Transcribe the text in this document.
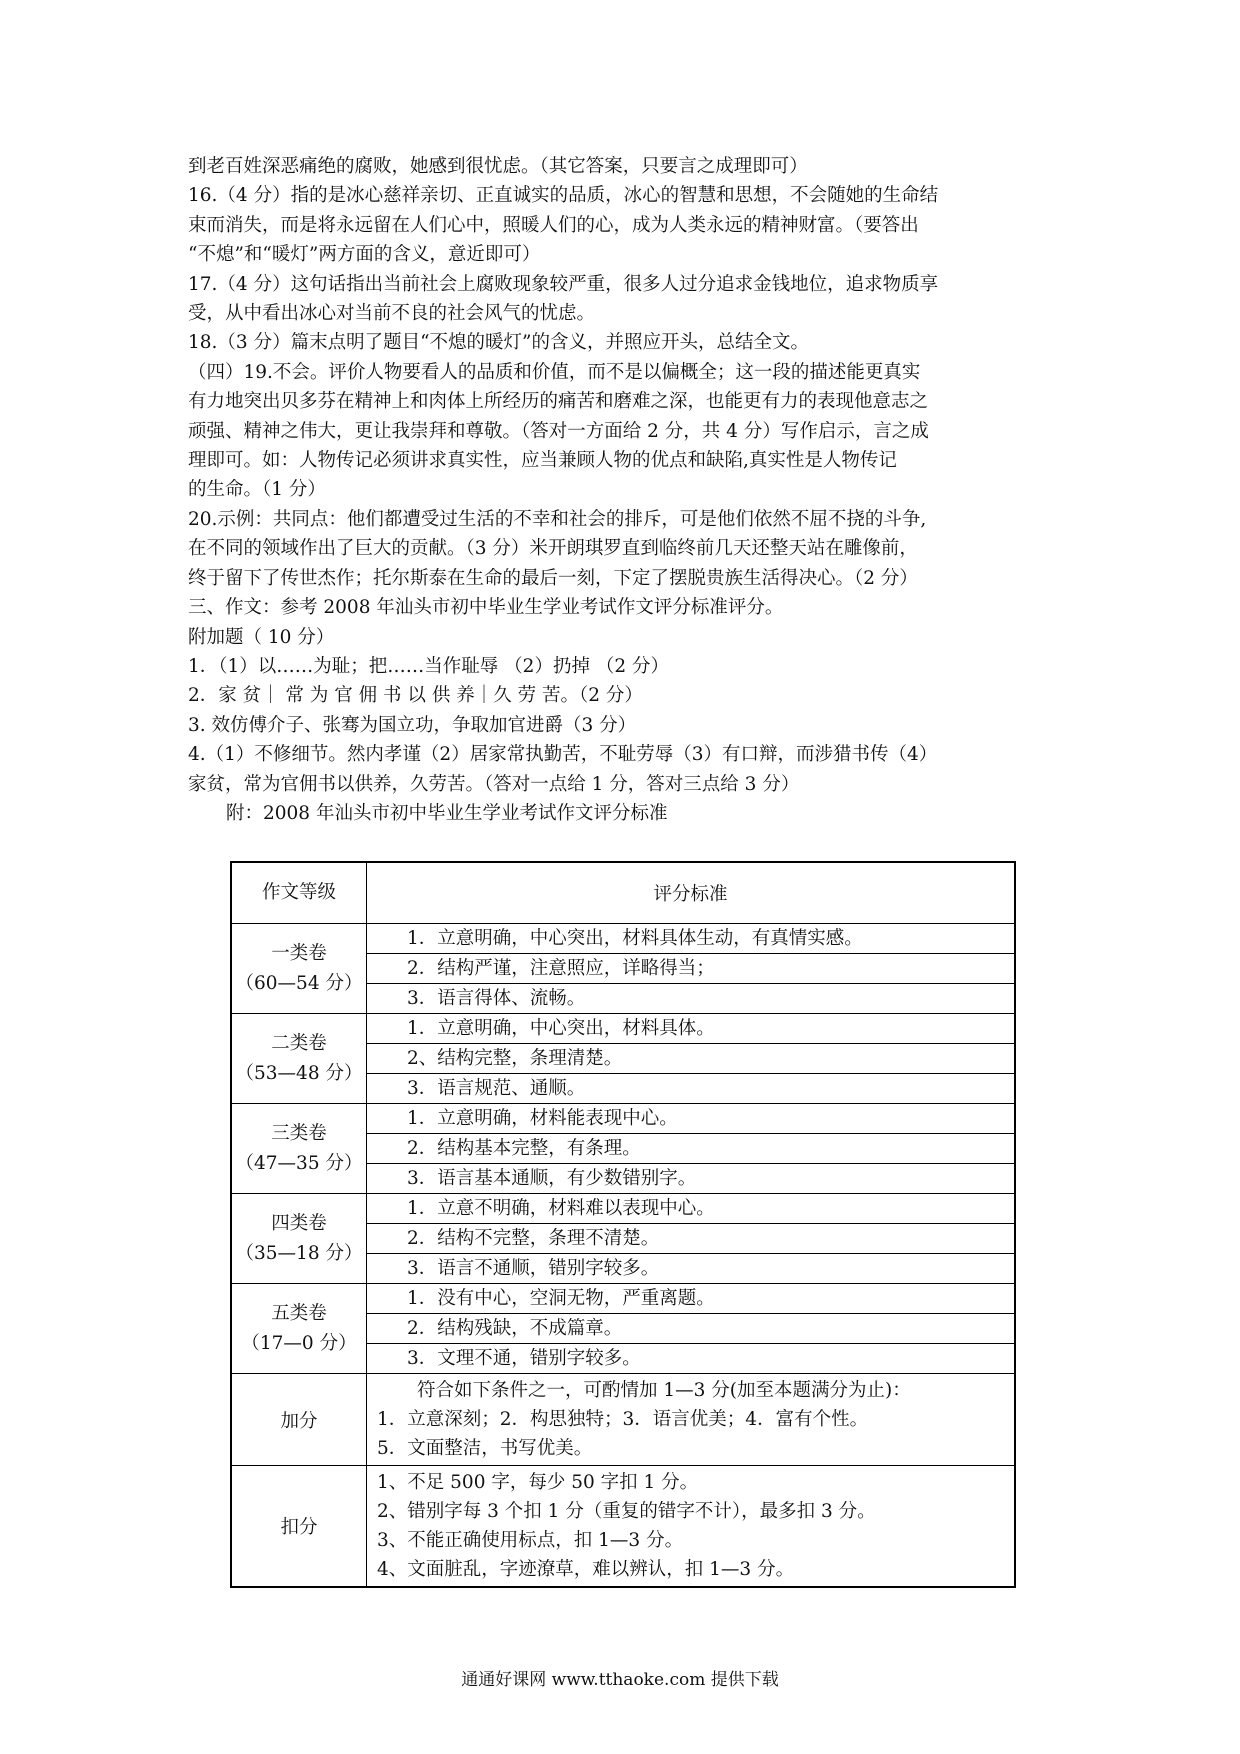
到老百姓深恶痛绝的腐败，她感到很忧虑。（其它答案，只要言之成理即可）

16.（4 分）指的是冰心慈祥亲切、正直诚实的品质，冰心的智慧和思想，不会随她的生命结

束而消失，而是将永远留在人们心中，照暖人们的心，成为人类永远的精神财富。（要答出

“不熄”和“暖灯”两方面的含义，意近即可）

17.（4 分）这句话指出当前社会上腐败现象较严重，很多人过分追求金钱地位，追求物质享

受，从中看出冰心对当前不良的社会风气的忧虑。

18.（3 分）篇末点明了题目“不熄的暖灯”的含义，并照应开头，总结全文。

（四）19.不会。评价人物要看人的品质和价值，而不是以偏概全；这一段的描述能更真实

有力地突出贝多芬在精神上和肉体上所经历的痛苦和磨难之深，也能更有力的表现他意志之

顽强、精神之伟大，更让我崇拜和尊敬。（答对一方面给 2 分，共 4 分）写作启示，言之成

理即可。如：人物传记必须讲求真实性，应当兼顾人物的优点和缺陷,真实性是人物传记

的生命。（1 分）

20.示例：共同点：他们都遭受过生活的不幸和社会的排斥，可是他们依然不屈不挠的斗争,

在不同的领域作出了巨大的贡献。（3 分）米开朗琪罗直到临终前几天还整天站在雕像前，

终于留下了传世杰作；托尔斯泰在生命的最后一刻，下定了摆脱贵族生活得决心。（2 分）

三、作文：参考 2008 年汕头市初中毕业生学业考试作文评分标准评分。

附加题（ 10 分）

1．（1）以……为耻；把……当作耻辱 （2）扔掉 （2 分）

2．家 贫｜ 常 为 官 佣 书 以 供 养｜久 劳 苦。（2 分）

3. 效仿傅介子、张骞为国立功，争取加官进爵（3 分）

4.（1）不修细节。然内孝谨（2）居家常执勤苦，不耻劳辱（3）有口辩，而涉猎书传（4）

家贫，常为官佣书以供养，久劳苦。（答对一点给 1 分，答对三点给 3 分）

附：2008 年汕头市初中毕业生学业考试作文评分标准

作文等级	评分标准

一类卷
（60—54 分）	1．立意明确，中心突出，材料具体生动，有真情实感。
	2．结构严谨，注意照应，详略得当；
	3．语言得体、流畅。

二类卷
（53—48 分）	1．立意明确，中心突出，材料具体。
	2、结构完整，条理清楚。
	3．语言规范、通顺。

三类卷
（47—35 分）	1．立意明确，材料能表现中心。
	2．结构基本完整，有条理。
	3．语言基本通顺，有少数错别字。

四类卷
（35—18 分）	1．立意不明确，材料难以表现中心。
	2．结构不完整，条理不清楚。
	3．语言不通顺，错别字较多。

五类卷
（17—0 分）	1．没有中心，空洞无物，严重离题。
	2．结构残缺，不成篇章。
	3．文理不通，错别字较多。
加分	符合如下条件之一，可酌情加 1—3 分(加至本题满分为止)：
1．立意深刻；2．构思独特；3．语言优美；4．富有个性。
5．文面整洁，书写优美。

扣分	1、不足 500 字，每少 50 字扣 1 分。
2、错别字每 3 个扣 1 分（重复的错字不计），最多扣 3 分。
3、不能正确使用标点，扣 1—3 分。
4、文面脏乱，字迹潦草，难以辨认，扣 1—3 分。
通通好课网 www.tthaoke.com 提供下载
